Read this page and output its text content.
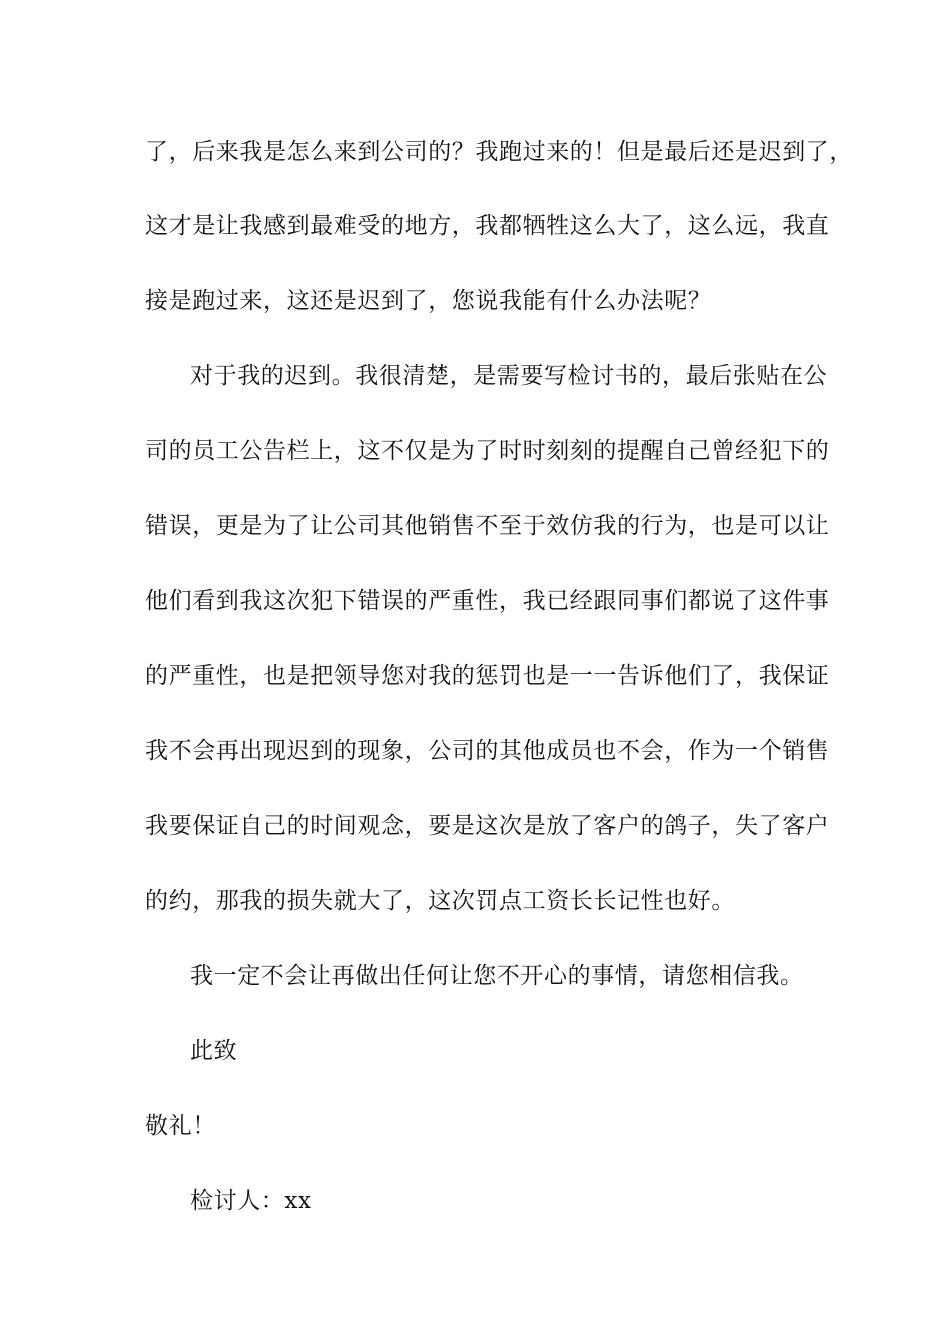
了，后来我是怎么来到公司的？我跑过来的！但是最后还是迟到了，
这才是让我感到最难受的地方，我都牺牲这么大了，这么远，我直
接是跑过来，这还是迟到了，您说我能有什么办法呢？
对于我的迟到。我很清楚，是需要写检讨书的，最后张贴在公
司的员工公告栏上，这不仅是为了时时刻刻的提醒自己曾经犯下的
错误，更是为了让公司其他销售不至于效仿我的行为，也是可以让
他们看到我这次犯下错误的严重性，我已经跟同事们都说了这件事
的严重性，也是把领导您对我的惩罚也是一一告诉他们了，我保证
我不会再出现迟到的现象，公司的其他成员也不会，作为一个销售
我要保证自己的时间观念，要是这次是放了客户的鸽子，失了客户
的约，那我的损失就大了，这次罚点工资长长记性也好。
我一定不会让再做出任何让您不开心的事情，请您相信我。
此致
敬礼！
检讨人：xx
